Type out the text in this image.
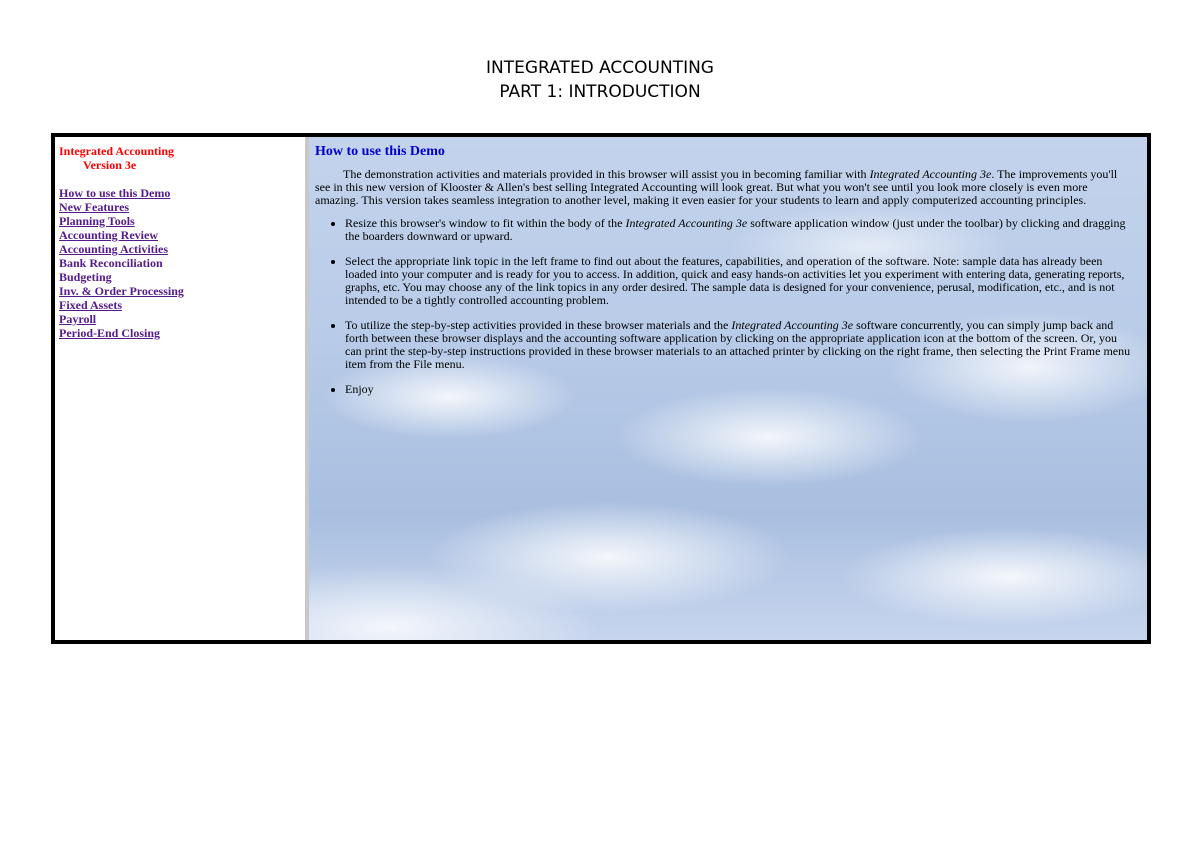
INTEGRATED ACCOUNTING
PART 1: INTRODUCTION
Integrated Accounting
Version 3e
How to use this Demo
New Features
Planning Tools
Accounting Review
Accounting Activities
Bank Reconciliation
Budgeting
Inv. & Order Processing
Fixed Assets
Payroll
Period-End Closing
How to use this Demo

The demonstration activities and materials provided in this browser will assist you in becoming familiar with Integrated Accounting 3e. The improvements you'll see in this new version of Klooster & Allen's best selling Integrated Accounting will look great. But what you won't see until you look more closely is even more amazing. This version takes seamless integration to another level, making it even easier for your students to learn and apply computerized accounting principles.

• Resize this browser's window to fit within the body of the Integrated Accounting 3e software application window (just under the toolbar) by clicking and dragging the boarders downward or upward.
• Select the appropriate link topic in the left frame to find out about the features, capabilities, and operation of the software. Note: sample data has already been loaded into your computer and is ready for you to access. In addition, quick and easy hands-on activities let you experiment with entering data, generating reports, graphs, etc. You may choose any of the link topics in any order desired. The sample data is designed for your convenience, perusal, modification, etc., and is not intended to be a tightly controlled accounting problem.
• To utilize the step-by-step activities provided in these browser materials and the Integrated Accounting 3e software concurrently, you can simply jump back and forth between these browser displays and the accounting software application by clicking on the appropriate application icon at the bottom of the screen. Or, you can print the step-by-step instructions provided in these browser materials to an attached printer by clicking on the right frame, then selecting the Print Frame menu item from the File menu.
• Enjoy
